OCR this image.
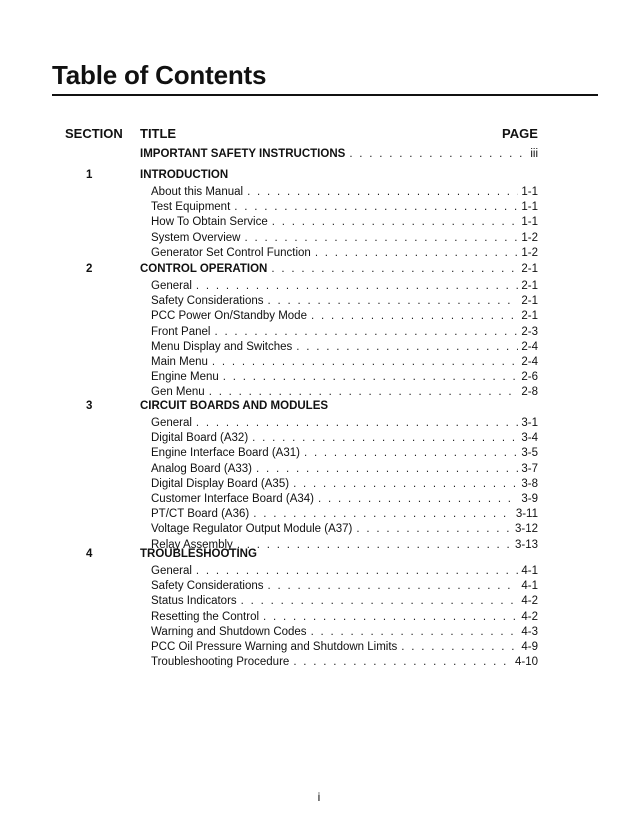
Table of Contents
SECTION TITLE	PAGE
IMPORTANT SAFETY INSTRUCTIONS . . .	iii
1	INTRODUCTION
About this Manual . . .	1-1
Test Equipment . . .	1-1
How To Obtain Service . . .	1-1
System Overview . . .	1-2
Generator Set Control Function . . .	1-2
2	CONTROL OPERATION . . .	2-1
General . . .	2-1
Safety Considerations . . .	2-1
PCC Power On/Standby Mode . . .	2-1
Front Panel . . .	2-3
Menu Display and Switches . . .	2-4
Main Menu . . .	2-4
Engine Menu . . .	2-6
Gen Menu . . .	2-8
3	CIRCUIT BOARDS AND MODULES
General . . .	3-1
Digital Board (A32) . . .	3-4
Engine Interface Board (A31) . . .	3-5
Analog Board (A33) . . .	3-7
Digital Display Board (A35) . . .	3-8
Customer Interface Board (A34) . . .	3-9
PT/CT Board (A36) . . .	3-11
Voltage Regulator Output Module (A37) . . .	3-12
Relay Assembly . . .	3-13
4	TROUBLESHOOTING
General . . .	4-1
Safety Considerations . . .	4-1
Status Indicators . . .	4-2
Resetting the Control . . .	4-2
Warning and Shutdown Codes . . .	4-3
PCC Oil Pressure Warning and Shutdown Limits . . .	4-9
Troubleshooting Procedure . . .	4-10
i
